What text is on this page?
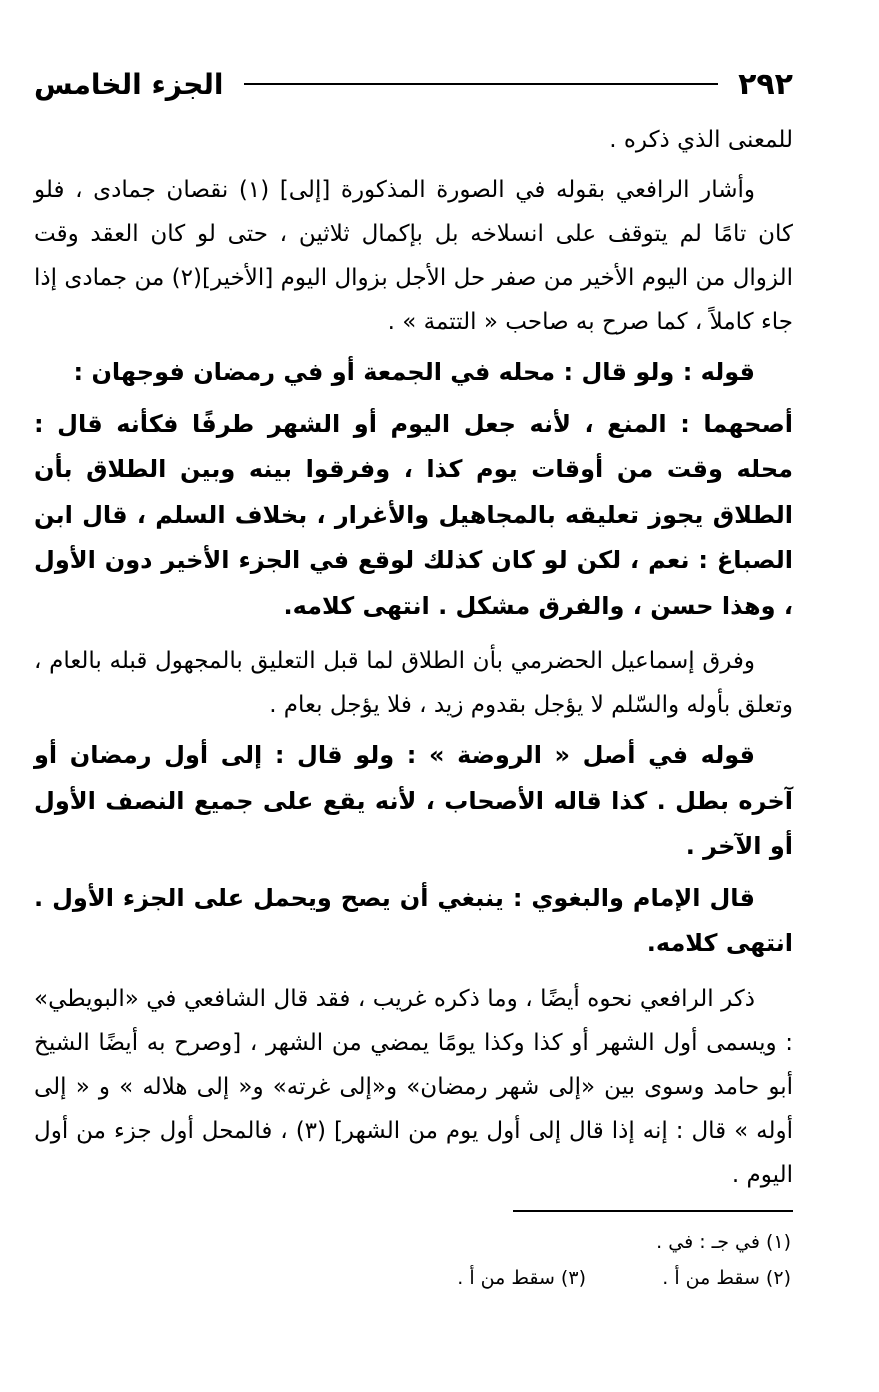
٢٩٢
الجزء الخامس

للمعنى الذي ذكره .

وأشار الرافعي بقوله في الصورة المذكورة [إلى] (١) نقصان جمادى ، فلو كان تامًا لم يتوقف على انسلاخه بل بإكمال ثلاثين ، حتى لو كان العقد وقت الزوال من اليوم الأخير من صفر حل الأجل بزوال اليوم [الأخير](٢) من جمادى إذا جاء كاملاً ، كما صرح به صاحب « التتمة » .

قوله : ولو قال : محله في الجمعة أو في رمضان فوجهان :

أصحهما : المنع ، لأنه جعل اليوم أو الشهر طرفًا فكأنه قال : محله وقت من أوقات يوم كذا ، وفرقوا بينه وبين الطلاق بأن الطلاق يجوز تعليقه بالمجاهيل والأغرار ، بخلاف السلم ، قال ابن الصباغ : نعم ، لكن لو كان كذلك لوقع في الجزء الأخير دون الأول ، وهذا حسن ، والفرق مشكل . انتهى كلامه.

وفرق إسماعيل الحضرمي بأن الطلاق لما قبل التعليق بالمجهول قبله بالعام ، وتعلق بأوله والسّلم لا يؤجل بقدوم زيد ، فلا يؤجل بعام .

قوله في أصل « الروضة » : ولو قال : إلى أول رمضان أو آخره بطل . كذا قاله الأصحاب ، لأنه يقع على جميع النصف الأول أو الآخر .

قال الإمام والبغوي : ينبغي أن يصح ويحمل على الجزء الأول . انتهى كلامه.

ذكر الرافعي نحوه أيضًا ، وما ذكره غريب ، فقد قال الشافعي في «البويطي» : ويسمى أول الشهر أو كذا وكذا يومًا يمضي من الشهر ، [وصرح به أيضًا الشيخ أبو حامد وسوى بين «إلى شهر رمضان» و«إلى غرته» و« إلى هلاله » و « إلى أوله » قال : إنه إذا قال إلى أول يوم من الشهر] (٣) ، فالمحل أول جزء من أول اليوم .

(١) في جـ : في .
(٢) سقط من أ .
(٣) سقط من أ .
